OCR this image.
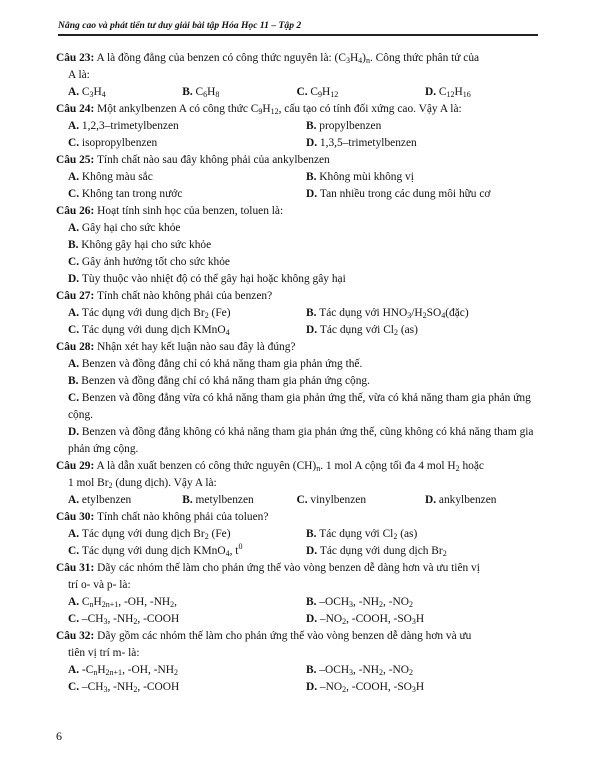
Nâng cao và phát tiển tư duy giải bài tập Hóa Học 11 – Tập 2
Câu 23: A là đồng đẳng của benzen có công thức nguyên là: $(C_3H_4)_n$. Công thức phân tử của
A là:
A. $C_3H_4$	B. $C_6H_8$	C. $C_9H_{12}$	D. $C_{12}H_{16}$
Câu 24: Một ankylbenzen A có công thức $C_9H_{12}$, cấu tạo có tính đối xứng cao. Vậy A là:
A. 1,2,3–trimetylbenzen	B. propylbenzen
C. isopropylbenzen	D. 1,3,5–trimetylbenzen
Câu 25: Tính chất nào sau đây không phải của ankylbenzen
A. Không màu sắc	B. Không mùi không vị
C. Không tan trong nước	D. Tan nhiều trong các dung môi hữu cơ
Câu 26: Hoạt tính sinh học của benzen, toluen là:
A. Gây hại cho sức khỏe
B. Không gây hại cho sức khỏe
C. Gây ảnh hưởng tốt cho sức khỏe
D. Tùy thuộc vào nhiệt độ có thể gây hại hoặc không gây hại
Câu 27: Tính chất nào không phải của benzen?
A. Tác dụng với dung dịch $Br_2$ (Fe)	B. Tác dụng với $HNO_3/H_2SO_4(đặc)$
C. Tác dụng với dung dịch KMnO$_4$	D. Tác dụng với $Cl_2$ (as)
Câu 28: Nhận xét hay kết luận nào sau đây là đúng?
A. Benzen và đồng đẳng chỉ có khả năng tham gia phản ứng thế.
B. Benzen và đồng đẳng chỉ có khả năng tham gia phản ứng cộng.
C. Benzen và đồng đẳng vừa có khả năng tham gia phản ứng thế, vừa có khả năng tham gia phản ứng cộng.
D. Benzen và đồng đẳng không có khả năng tham gia phản ứng thế, cũng không có khả năng tham gia phản ứng cộng.
Câu 29: A là dẫn xuất benzen có công thức nguyên $(CH)_n$. 1 mol A cộng tối đa 4 mol $H_2$ hoặc
1 mol $Br_2$ (dung dịch). Vậy A là:
A. etylbenzen	B. metylbenzen	C. vinylbenzen	D. ankylbenzen
Câu 30: Tính chất nào không phải của toluen?
A. Tác dụng với dung dịch $Br_2$ (Fe)	B. Tác dụng với $Cl_2$ (as)
C. Tác dụng với dung dịch KMnO$_4$, $t^0$	D. Tác dụng với dung dịch $Br_2$
Câu 31: Dãy các nhóm thế làm cho phản ứng thế vào vòng benzen dễ dàng hơn và ưu tiên vị
trí o- và p- là:
A. $C_nH_{2n+1}$, -OH, $-NH_2$,	B. $-OCH_3$, $-NH_2$, $-NO_2$
C. $-CH_3$, $-NH_2$, -COOH	D. $-NO_2$, -COOH, $-SO_3H$
Câu 32: Dãy gồm các nhóm thế làm cho phản ứng thế vào vòng benzen dễ dàng hơn và ưu
tiên vị trí m- là:
A. $-C_nH_{2n+1}$, -OH, $-NH_2$	B. $-OCH_3$, $-NH_2$, $-NO_2$
C. $-CH_3$, $-NH_2$, -COOH	D. $-NO_2$, -COOH, $-SO_3H$
6
